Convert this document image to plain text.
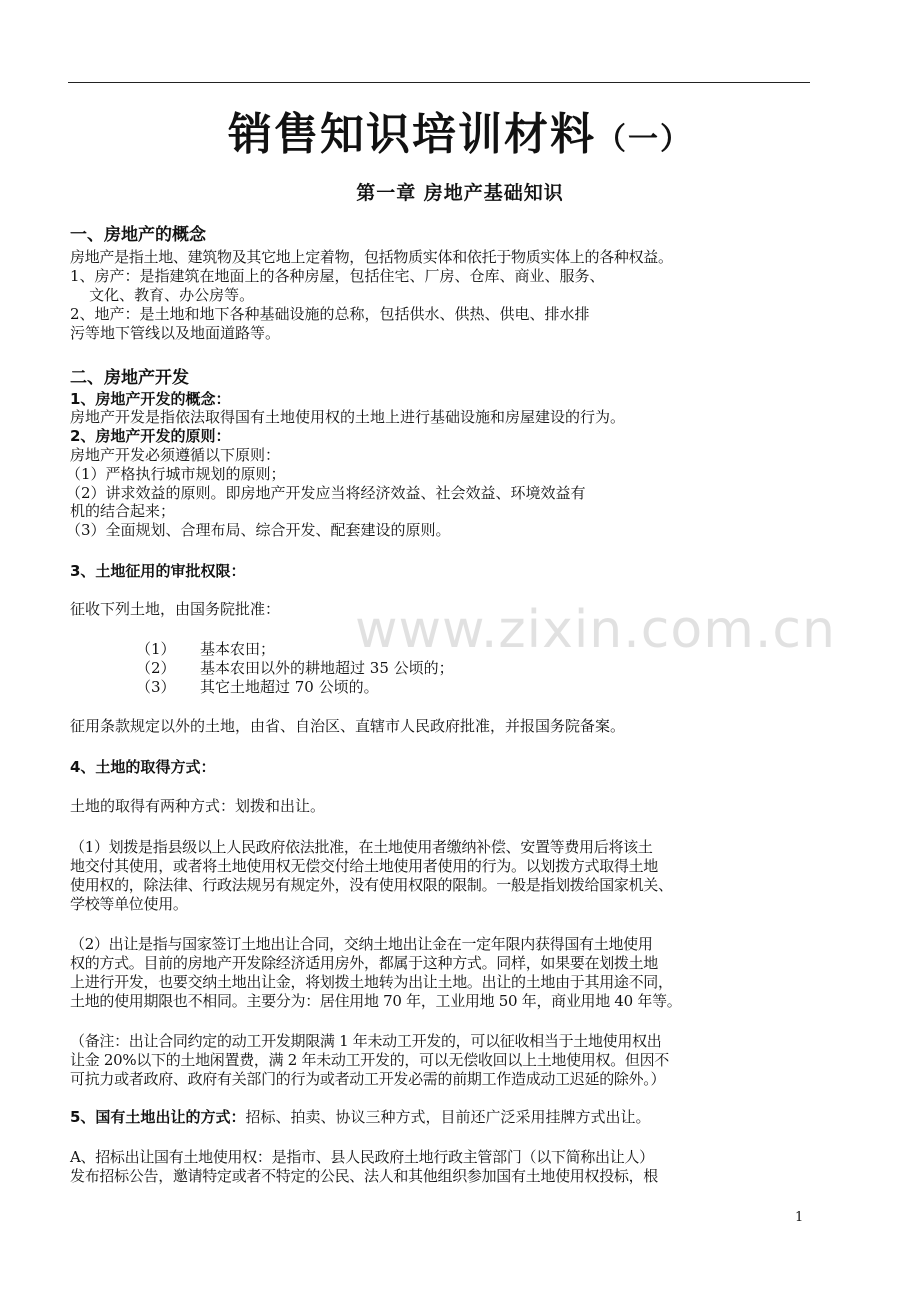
销售知识培训材料（一）
第一章 房地产基础知识
一、房地产的概念
房地产是指土地、建筑物及其它地上定着物，包括物质实体和依托于物质实体上的各种权益。
1、房产：是指建筑在地面上的各种房屋，包括住宅、厂房、仓库、商业、服务、
文化、教育、办公房等。
2、地产：是土地和地下各种基础设施的总称，包括供水、供热、供电、排水排
污等地下管线以及地面道路等。
二、房地产开发
1、房地产开发的概念：
房地产开发是指依法取得国有土地使用权的土地上进行基础设施和房屋建设的行为。
2、房地产开发的原则：
房地产开发必须遵循以下原则：
（1）严格执行城市规划的原则；
（2）讲求效益的原则。即房地产开发应当将经济效益、社会效益、环境效益有
机的结合起来；
（3）全面规划、合理布局、综合开发、配套建设的原则。
3、土地征用的审批权限：
征收下列土地，由国务院批准：
（1） 基本农田；
（2） 基本农田以外的耕地超过 35 公顷的；
（3） 其它土地超过 70 公顷的。
征用条款规定以外的土地，由省、自治区、直辖市人民政府批准，并报国务院备案。
4、土地的取得方式：
土地的取得有两种方式：划拨和出让。
（1）划拨是指县级以上人民政府依法批准，在土地使用者缴纳补偿、安置等费用后将该土
地交付其使用，或者将土地使用权无偿交付给土地使用者使用的行为。以划拨方式取得土地
使用权的，除法律、行政法规另有规定外，没有使用权限的限制。一般是指划拨给国家机关、
学校等单位使用。
（2）出让是指与国家签订土地出让合同，交纳土地出让金在一定年限内获得国有土地使用
权的方式。目前的房地产开发除经济适用房外，都属于这种方式。同样，如果要在划拨土地
上进行开发，也要交纳土地出让金，将划拨土地转为出让土地。出让的土地由于其用途不同，
土地的使用期限也不相同。主要分为：居住用地 70 年，工业用地 50 年，商业用地 40 年等。
（备注：出让合同约定的动工开发期限满 1 年未动工开发的，可以征收相当于土地使用权出
让金 20%以下的土地闲置费，满 2 年未动工开发的，可以无偿收回以上土地使用权。但因不
可抗力或者政府、政府有关部门的行为或者动工开发必需的前期工作造成动工迟延的除外。）
5、国有土地出让的方式：招标、拍卖、协议三种方式，目前还广泛采用挂牌方式出让。
A、招标出让国有土地使用权：是指市、县人民政府土地行政主管部门（以下简称出让人）
发布招标公告，邀请特定或者不特定的公民、法人和其他组织参加国有土地使用权投标，根
www.zixin.com.cn
1
